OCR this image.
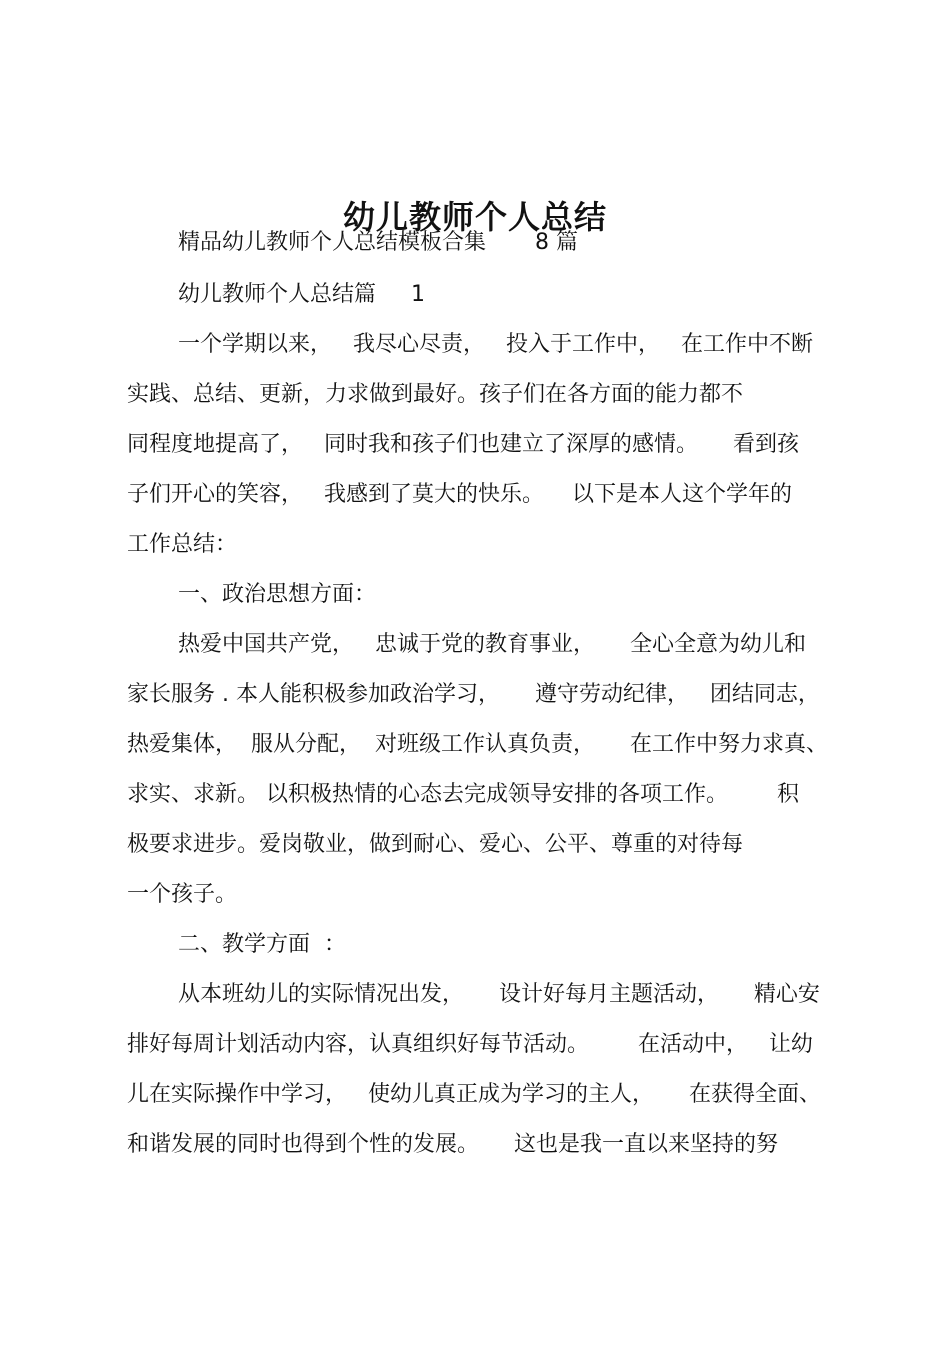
幼儿教师个人总结

精品幼儿教师个人总结模板合集       8 篇

幼儿教师个人总结篇     1

一个学期以来，   我尽心尽责，   投入于工作中，   在工作中不断

实践、总结、更新，力求做到最好。孩子们在各方面的能力都不

同程度地提高了，   同时我和孩子们也建立了深厚的感情。     看到孩

子们开心的笑容，   我感到了莫大的快乐。    以下是本人这个学年的

工作总结：

一、政治思想方面：

热爱中国共产党，   忠诚于党的教育事业，     全心全意为幼儿和

家长服务 . 本人能积极参加政治学习，     遵守劳动纪律，   团结同志，

热爱集体，  服从分配，  对班级工作认真负责，     在工作中努力求真、

求实、求新。 以积极热情的心态去完成领导安排的各项工作。       积

极要求进步。爱岗敬业，做到耐心、爱心、公平、尊重的对待每

一个孩子。

二、教学方面  ：

从本班幼儿的实际情况出发，     设计好每月主题活动，     精心安

排好每周计划活动内容，认真组织好每节活动。       在活动中，   让幼

儿在实际操作中学习，   使幼儿真正成为学习的主人，     在获得全面、

和谐发展的同时也得到个性的发展。     这也是我一直以来坚持的努
